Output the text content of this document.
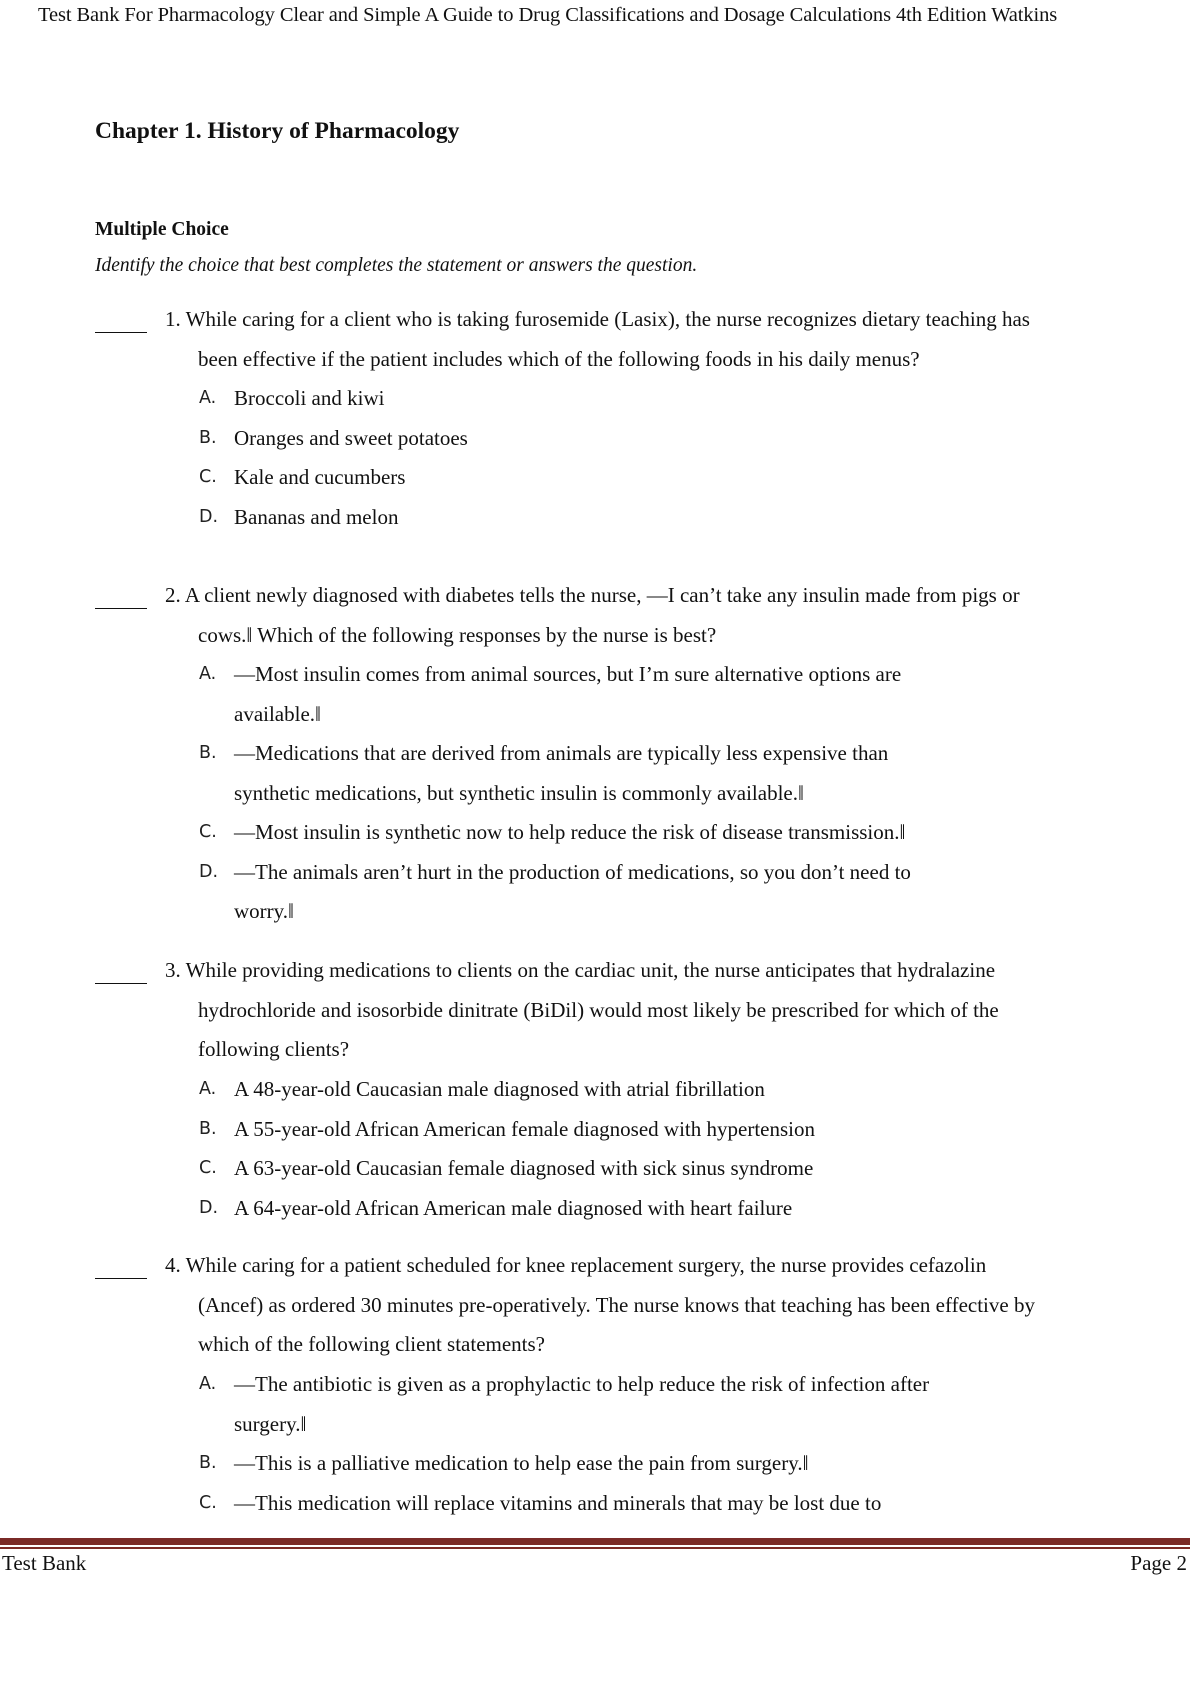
Test Bank For Pharmacology Clear and Simple A Guide to Drug Classifications and Dosage Calculations 4th Edition Watkins
Chapter 1. History of Pharmacology
Multiple Choice

Identify the choice that best completes the statement or answers the question.

1. While caring for a client who is taking furosemide (Lasix), the nurse recognizes dietary teaching has
been effective if the patient includes which of the following foods in his daily menus?
A. Broccoli and kiwi
B. Oranges and sweet potatoes
C. Kale and cucumbers
D. Bananas and melon
2. A client newly diagnosed with diabetes tells the nurse, ―I can’t take any insulin made from pigs or
cows.‖ Which of the following responses by the nurse is best?
A. ―Most insulin comes from animal sources, but I’m sure alternative options are
available.‖
B. ―Medications that are derived from animals are typically less expensive than
synthetic medications, but synthetic insulin is commonly available.‖
C. ―Most insulin is synthetic now to help reduce the risk of disease transmission.‖
D. ―The animals aren’t hurt in the production of medications, so you don’t need to
worry.‖
3. While providing medications to clients on the cardiac unit, the nurse anticipates that hydralazine
hydrochloride and isosorbide dinitrate (BiDil) would most likely be prescribed for which of the
following clients?
A. A 48-year-old Caucasian male diagnosed with atrial fibrillation
B. A 55-year-old African American female diagnosed with hypertension
C. A 63-year-old Caucasian female diagnosed with sick sinus syndrome
D. A 64-year-old African American male diagnosed with heart failure
4. While caring for a patient scheduled for knee replacement surgery, the nurse provides cefazolin
(Ancef) as ordered 30 minutes pre-operatively. The nurse knows that teaching has been effective by
which of the following client statements?
A. ―The antibiotic is given as a prophylactic to help reduce the risk of infection after
surgery.‖
B. ―This is a palliative medication to help ease the pain from surgery.‖
C. ―This medication will replace vitamins and minerals that may be lost due to
Test Bank	Page 2
